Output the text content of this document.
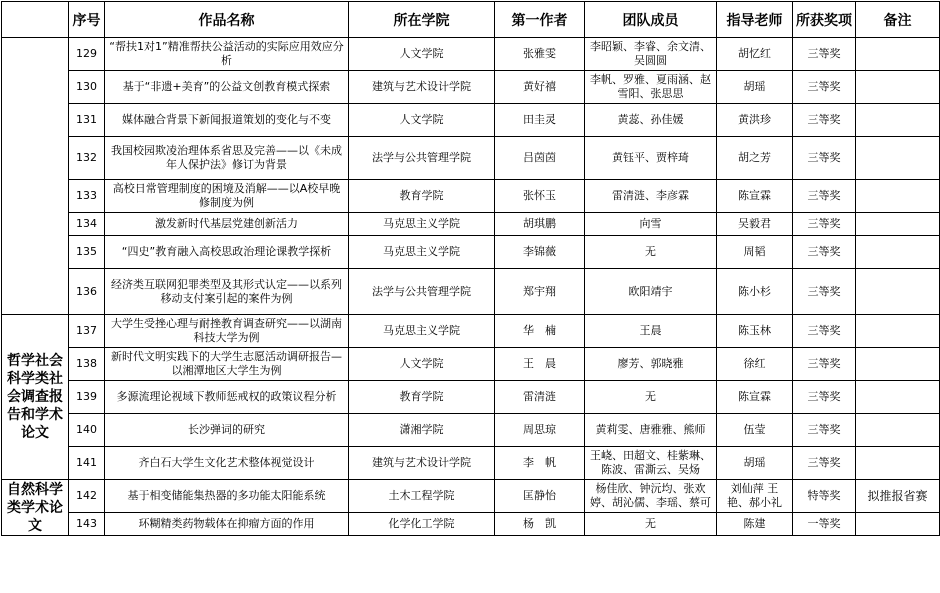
	序号	作品名称	所在学院	第一作者	团队成员	指导老师	所获奖项	备注
	129	“帮扶1对1”精准帮扶公益活动的实际应用效应分析	人文学院	张雅雯	李昭颖、李睿、余文清、吴圆圆	胡忆红	三等奖	
	130	基于“非遗+美育”的公益文创教育模式探索	建筑与艺术设计学院	黄好禧	李帆、罗雅、夏雨涵、赵雪阳、张思思	胡瑶	三等奖	
	131	媒体融合背景下新闻报道策划的变化与不变	人文学院	田圭灵	黄蕊、孙佳媛	黄洪珍	三等奖	
	132	我国校园欺凌治理体系省思及完善——以《未成年人保护法》修订为背景	法学与公共管理学院	吕茵茵	黄钰平、贾梓琦	胡之芳	三等奖	
	133	高校日常管理制度的困境及消解——以A校早晚修制度为例	教育学院	张怀玉	雷清涟、李彦霖	陈宣霖	三等奖	
	134	激发新时代基层党建创新活力	马克思主义学院	胡琪鹏	向雪	吴毅君	三等奖	
	135	“四史”教育融入高校思政治理论课教学探析	马克思主义学院	李锦薇	无	周韬	三等奖	
	136	经济类互联网犯罪类型及其形式认定——以系列移动支付案引起的案件为例	法学与公共管理学院	郑宇翔	欧阳靖宇	陈小杉	三等奖	
哲学社会科学类社会调查报告和学术论文	137	大学生受挫心理与耐挫教育调查研究——以湖南科技大学为例	马克思主义学院	华　楠	王晨	陈玉林	三等奖	
	138	新时代文明实践下的大学生志愿活动调研报告—以湘潭地区大学生为例	人文学院	王　晨	廖芳、郭晓雅	徐红	三等奖	
	139	多源流理论视域下教师惩戒权的政策议程分析	教育学院	雷清涟	无	陈宣霖	三等奖	
	140	长沙弹词的研究	潇湘学院	周思琼	黄莉雯、唐雅雅、熊师	伍莹	三等奖	
	141	齐白石大学生文化艺术整体视觉设计	建筑与艺术设计学院	李　帆	王峣、田超文、桂紫琳、陈波、雷澌云、吴炀	胡瑶	三等奖	
自然科学类学术论文	142	基于相变储能集热器的多功能太阳能系统	土木工程学院	匡静怡	杨佳欣、钟沅均、张欢婷、胡沁儒、李瑶、蔡可	刘仙萍 王艳、郝小礼	特等奖	拟推报省赛
	143	环糊精类药物载体在抑瘤方面的作用	化学化工学院	杨　凯	无	陈建	一等奖	
